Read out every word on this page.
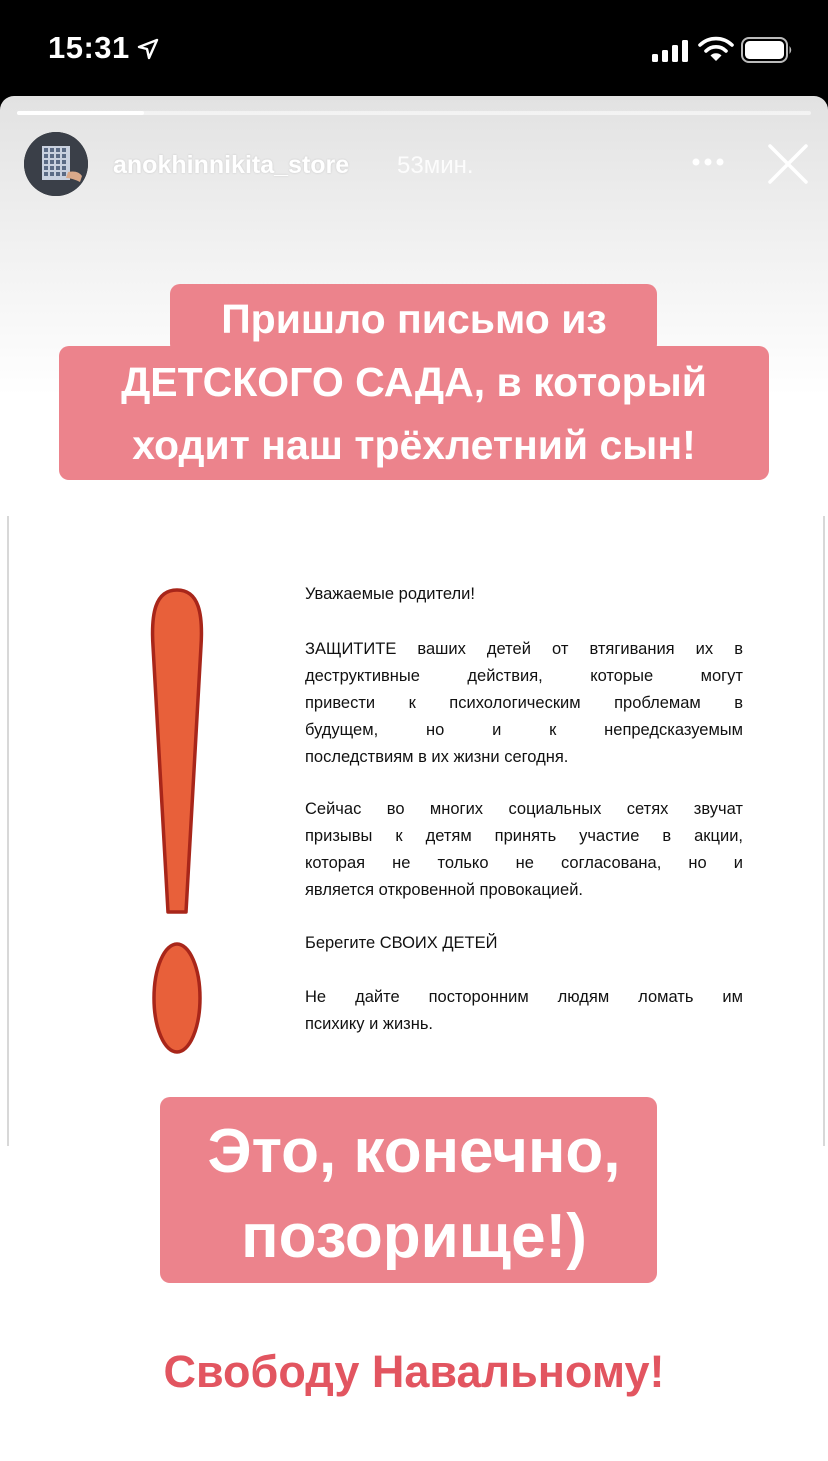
15:31
anokhinnikita_store 53мин.
Пришло письмо из
ДЕТСКОГО САДА, в который
ходит наш трёхлетний сын!
Уважаемые родители!
ЗАЩИТИТЕ ваших детей от втягивания их в
деструктивные действия, которые могут
привести к психологическим проблемам в
будущем, но и к непредсказуемым
последствиям в их жизни сегодня.
Сейчас во многих социальных сетях звучат
призывы к детям принять участие в акции,
которая не только не согласована, но и
является откровенной провокацией.
Берегите СВОИХ ДЕТЕЙ
Не дайте посторонним людям ломать им
психику и жизнь.
Это, конечно,
позорище!)
Свободу Навальному!
